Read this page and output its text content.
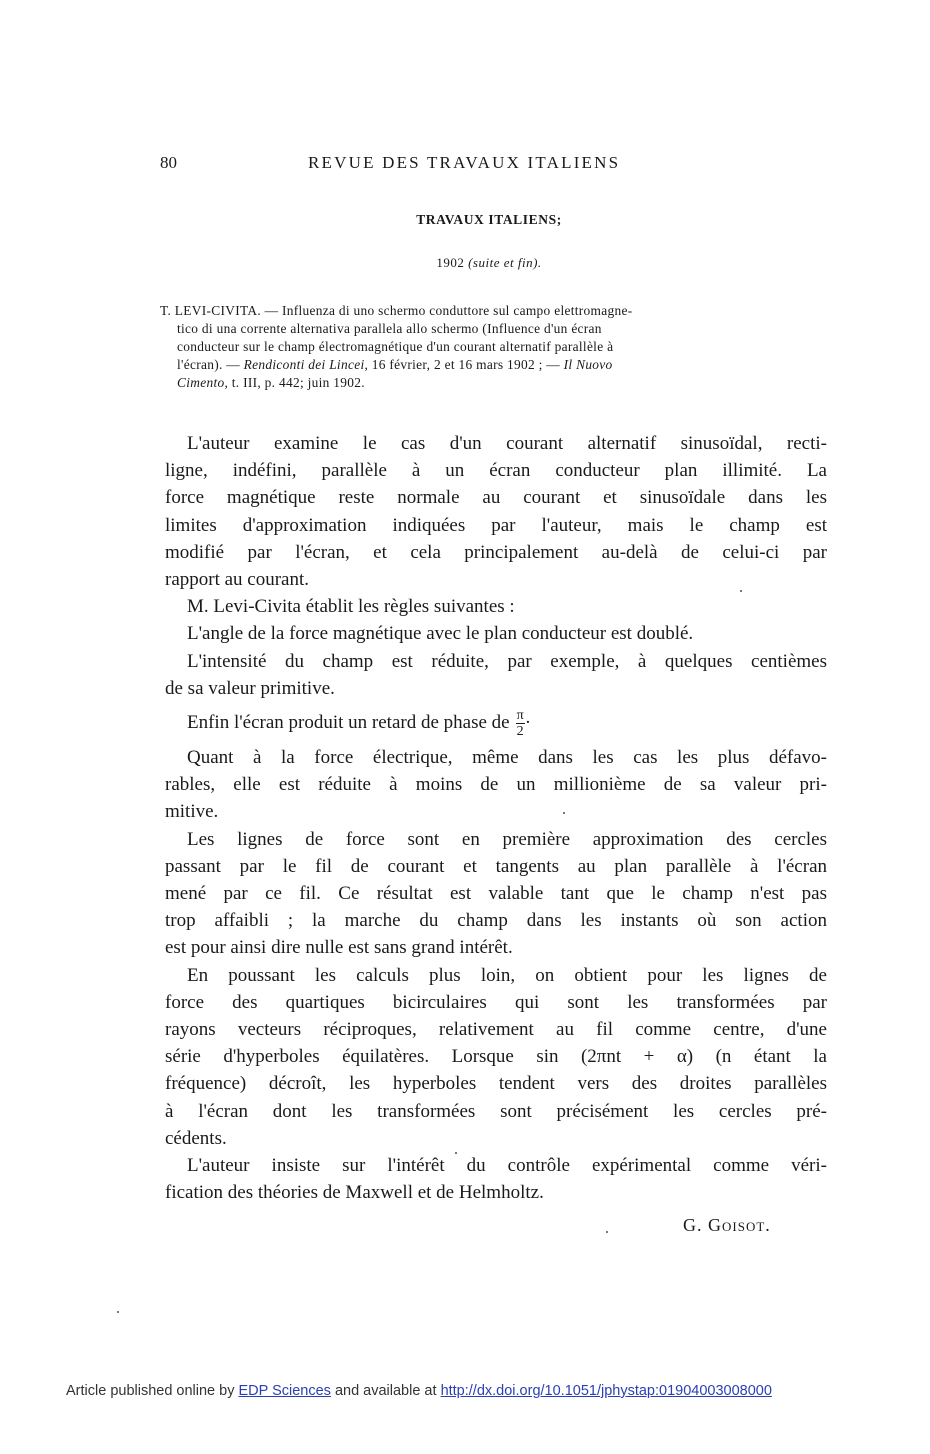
80	REVUE DES TRAVAUX ITALIENS
TRAVAUX ITALIENS;
1902 (suite et fin).
T. LEVI-CIVITA. — Influenza di uno schermo conduttore sul campo elettromagne-
tico di una corrente alternativa parallela allo schermo (Influence d'un écran
conducteur sur le champ électromagnétique d'un courant alternatif parallèle à
l'écran). — Rendiconti dei Lincei, 16 février, 2 et 16 mars 1902 ; — Il Nuovo
Cimento, t. III, p. 442; juin 1902.
L'auteur examine le cas d'un courant alternatif sinusoïdal, recti-
ligne, indéfini, parallèle à un écran conducteur plan illimité. La
force magnétique reste normale au courant et sinusoïdale dans les
limites d'approximation indiquées par l'auteur, mais le champ est
modifié par l'écran, et cela principalement au-delà de celui-ci par
rapport au courant.
M. Levi-Civita établit les règles suivantes :
L'angle de la force magnétique avec le plan conducteur est doublé.
L'intensité du champ est réduite, par exemple, à quelques centièmes
de sa valeur primitive.
Enfin l'écran produit un retard de phase de $\frac{\pi}{2}$ ·
Quant à la force électrique, même dans les cas les plus défavo-
rables, elle est réduite à moins de un millionième de sa valeur pri-
mitive.
Les lignes de force sont en première approximation des cercles
passant par le fil de courant et tangents au plan parallèle à l'écran
mené par ce fil. Ce résultat est valable tant que le champ n'est pas
trop affaibli ; la marche du champ dans les instants où son action
est pour ainsi dire nulle est sans grand intérêt.
En poussant les calculs plus loin, on obtient pour les lignes de
force des quartiques bicirculaires qui sont les transformées par
rayons vecteurs réciproques, relativement au fil comme centre, d'une
série d'hyperboles équilatères. Lorsque sin (2πnt + α) (n étant la
fréquence) décroît, les hyperboles tendent vers des droites parallèles
à l'écran dont les transformées sont précisément les cercles pré-
cédents.
L'auteur insiste sur l'intérêt du contrôle expérimental comme véri-
fication des théories de Maxwell et de Helmholtz.
G. Goisot.
Article published online by EDP Sciences and available at http://dx.doi.org/10.1051/jphystap:01904003008000
